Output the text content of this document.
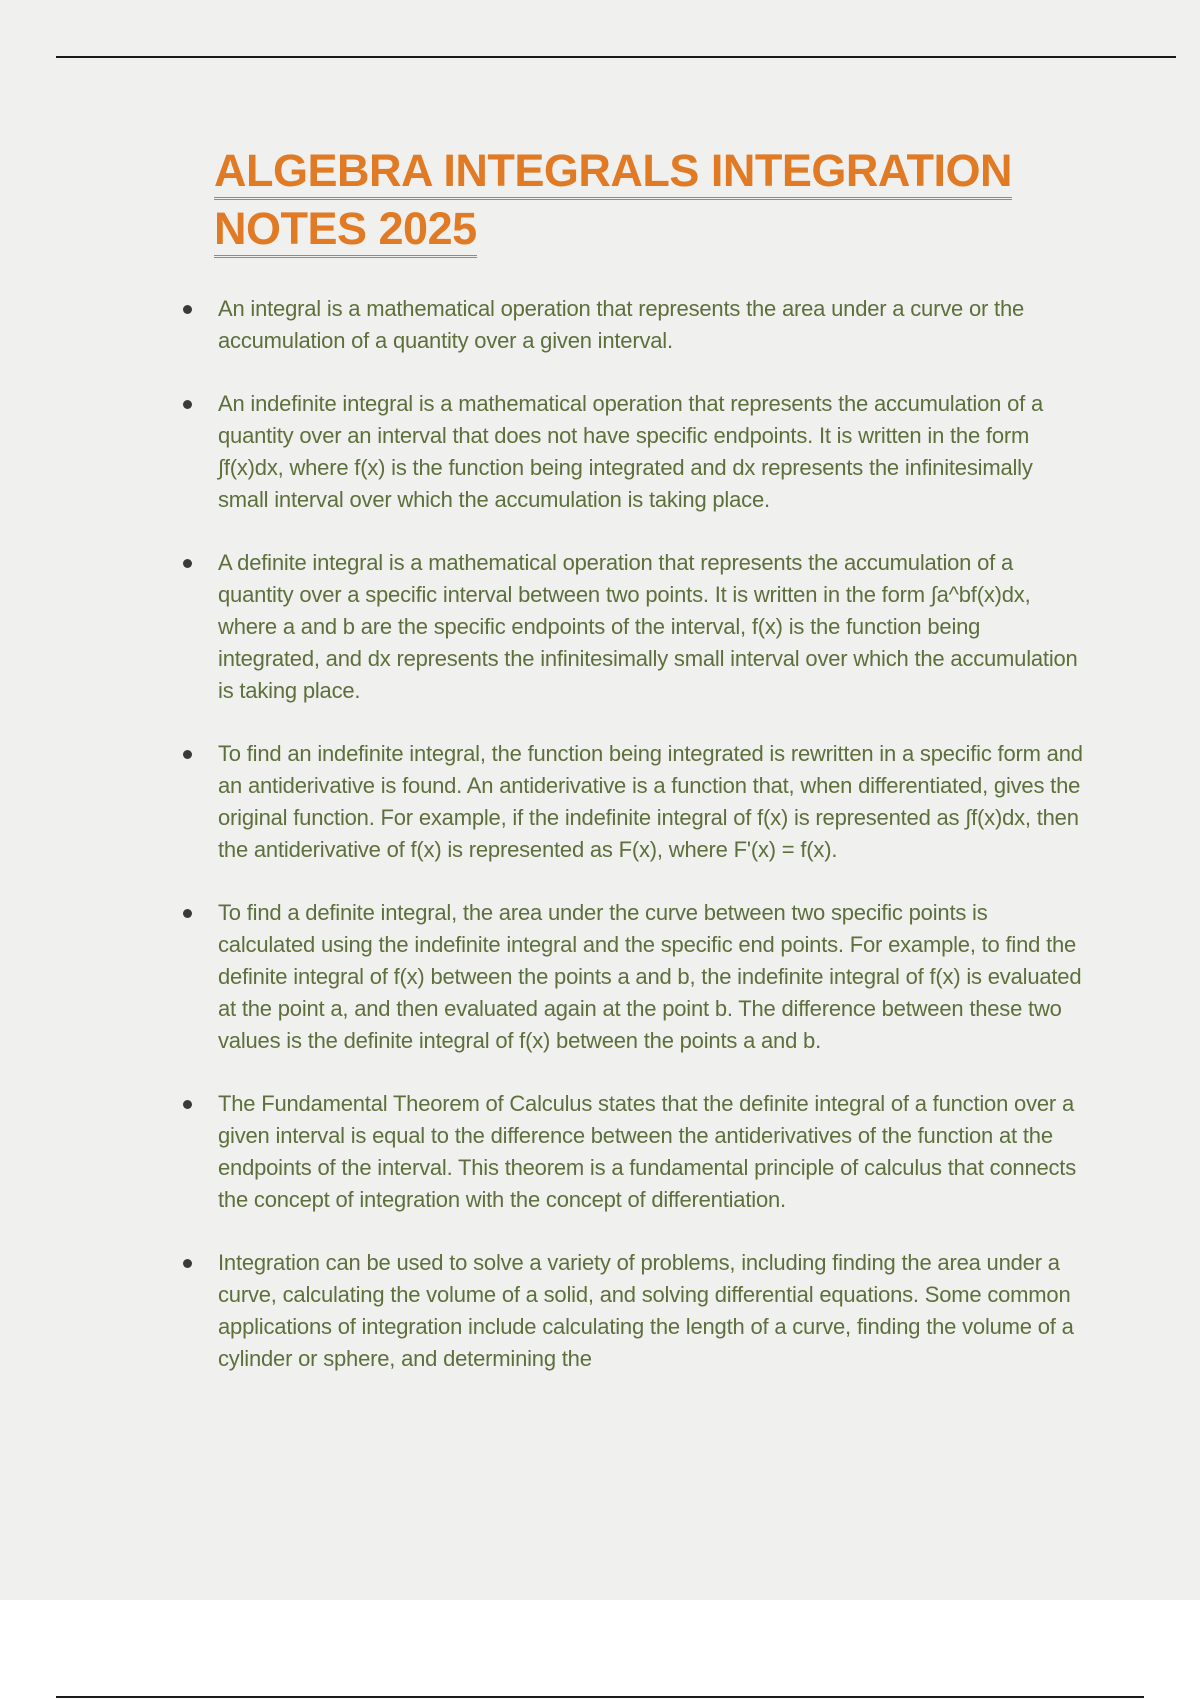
ALGEBRA INTEGRALS INTEGRATION
NOTES 2025
An integral is a mathematical operation that represents the area under a curve or the accumulation of a quantity over a given interval.
An indefinite integral is a mathematical operation that represents the accumulation of a quantity over an interval that does not have specific endpoints. It is written in the form ∫f(x)dx, where f(x) is the function being integrated and dx represents the infinitesimally small interval over which the accumulation is taking place.
A definite integral is a mathematical operation that represents the accumulation of a quantity over a specific interval between two points. It is written in the form ∫a^bf(x)dx, where a and b are the specific endpoints of the interval, f(x) is the function being integrated, and dx represents the infinitesimally small interval over which the accumulation is taking place.
To find an indefinite integral, the function being integrated is rewritten in a specific form and an antiderivative is found. An antiderivative is a function that, when differentiated, gives the original function. For example, if the indefinite integral of f(x) is represented as ∫f(x)dx, then the antiderivative of f(x) is represented as F(x), where F'(x) = f(x).
To find a definite integral, the area under the curve between two specific points is calculated using the indefinite integral and the specific end points. For example, to find the definite integral of f(x) between the points a and b, the indefinite integral of f(x) is evaluated at the point a, and then evaluated again at the point b. The difference between these two values is the definite integral of f(x) between the points a and b.
The Fundamental Theorem of Calculus states that the definite integral of a function over a given interval is equal to the difference between the antiderivatives of the function at the endpoints of the interval. This theorem is a fundamental principle of calculus that connects the concept of integration with the concept of differentiation.
Integration can be used to solve a variety of problems, including finding the area under a curve, calculating the volume of a solid, and solving differential equations. Some common applications of integration include calculating the length of a curve, finding the volume of a cylinder or sphere, and determining the
